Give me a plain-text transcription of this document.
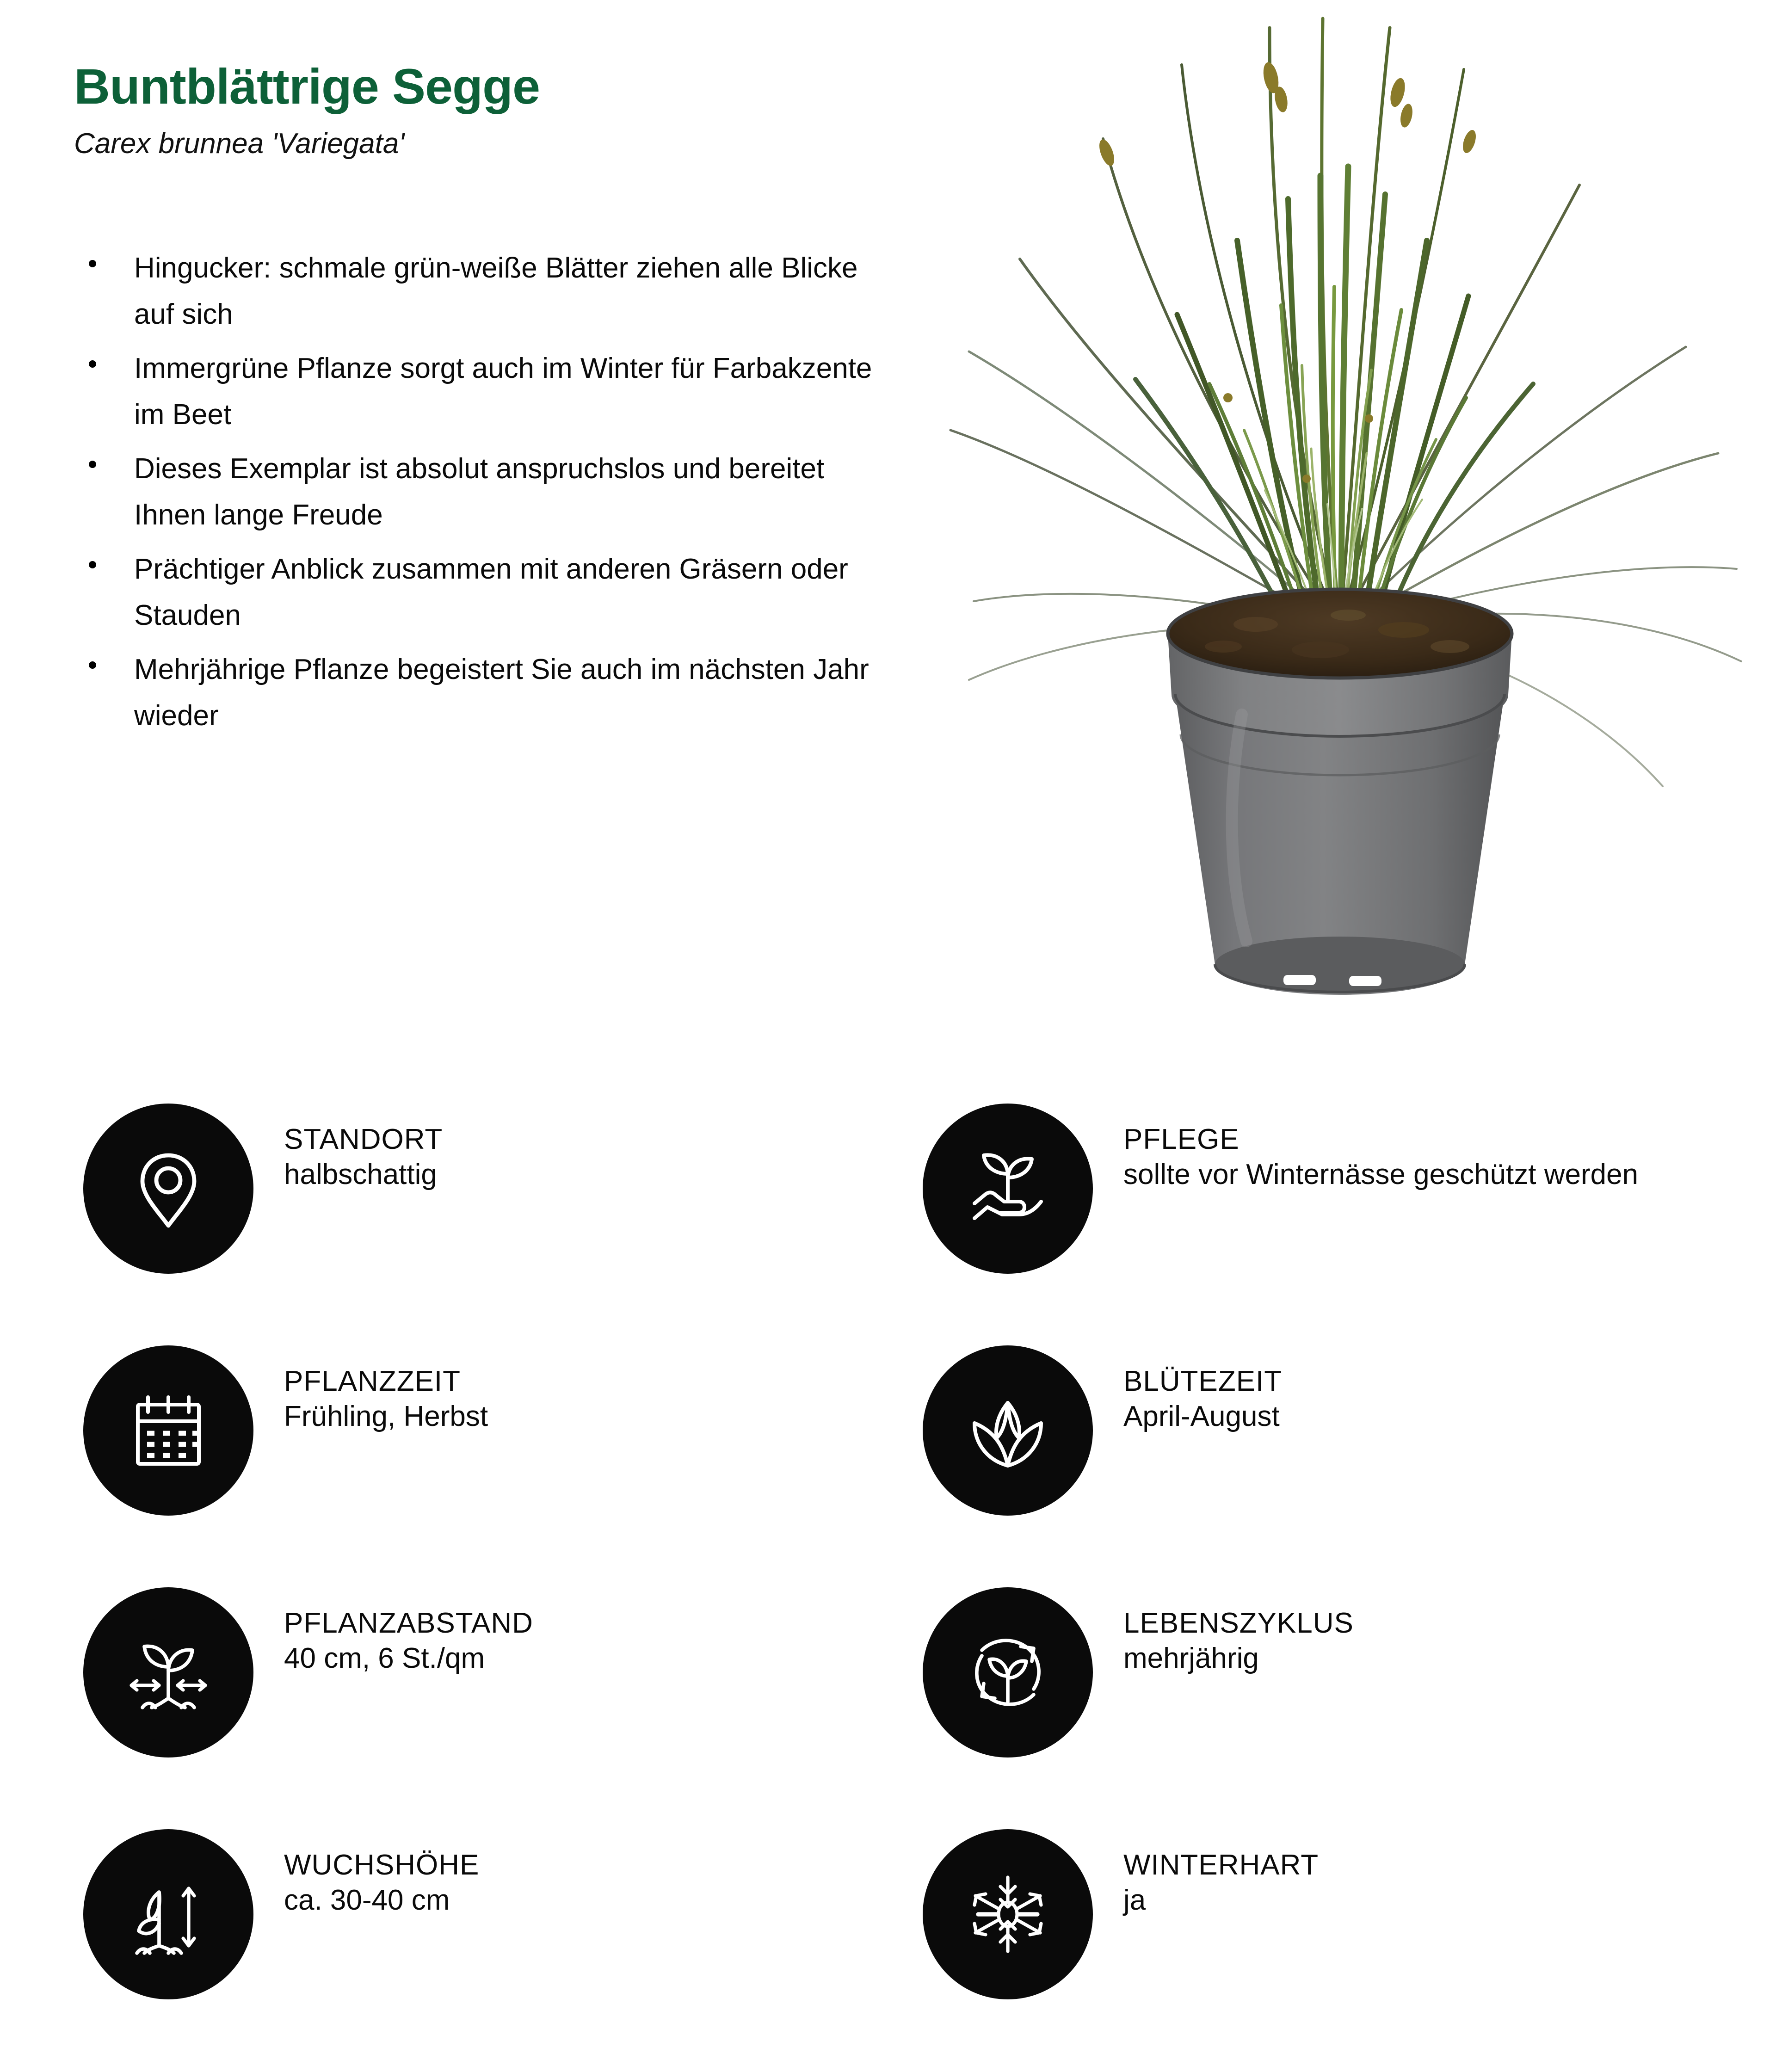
Buntblättrige Segge
Carex brunnea 'Variegata'
Hingucker: schmale grün-weiße Blätter ziehen alle Blicke auf sich
Immergrüne Pflanze sorgt auch im Winter für Farbakzente im Beet
Dieses Exemplar ist absolut anspruchslos und bereitet Ihnen lange Freude
Prächtiger Anblick zusammen mit anderen Gräsern oder Stauden
Mehrjährige Pflanze begeistert Sie auch im nächsten Jahr wieder
STANDORT
halbschattig
PFLEGE
sollte vor Winternässe geschützt werden
PFLANZZEIT
Frühling, Herbst
BLÜTEZEIT
April-August
PFLANZABSTAND
40 cm, 6 St./qm
LEBENSZYKLUS
mehrjährig
WUCHSHÖHE
ca. 30-40 cm
WINTERHART
ja
